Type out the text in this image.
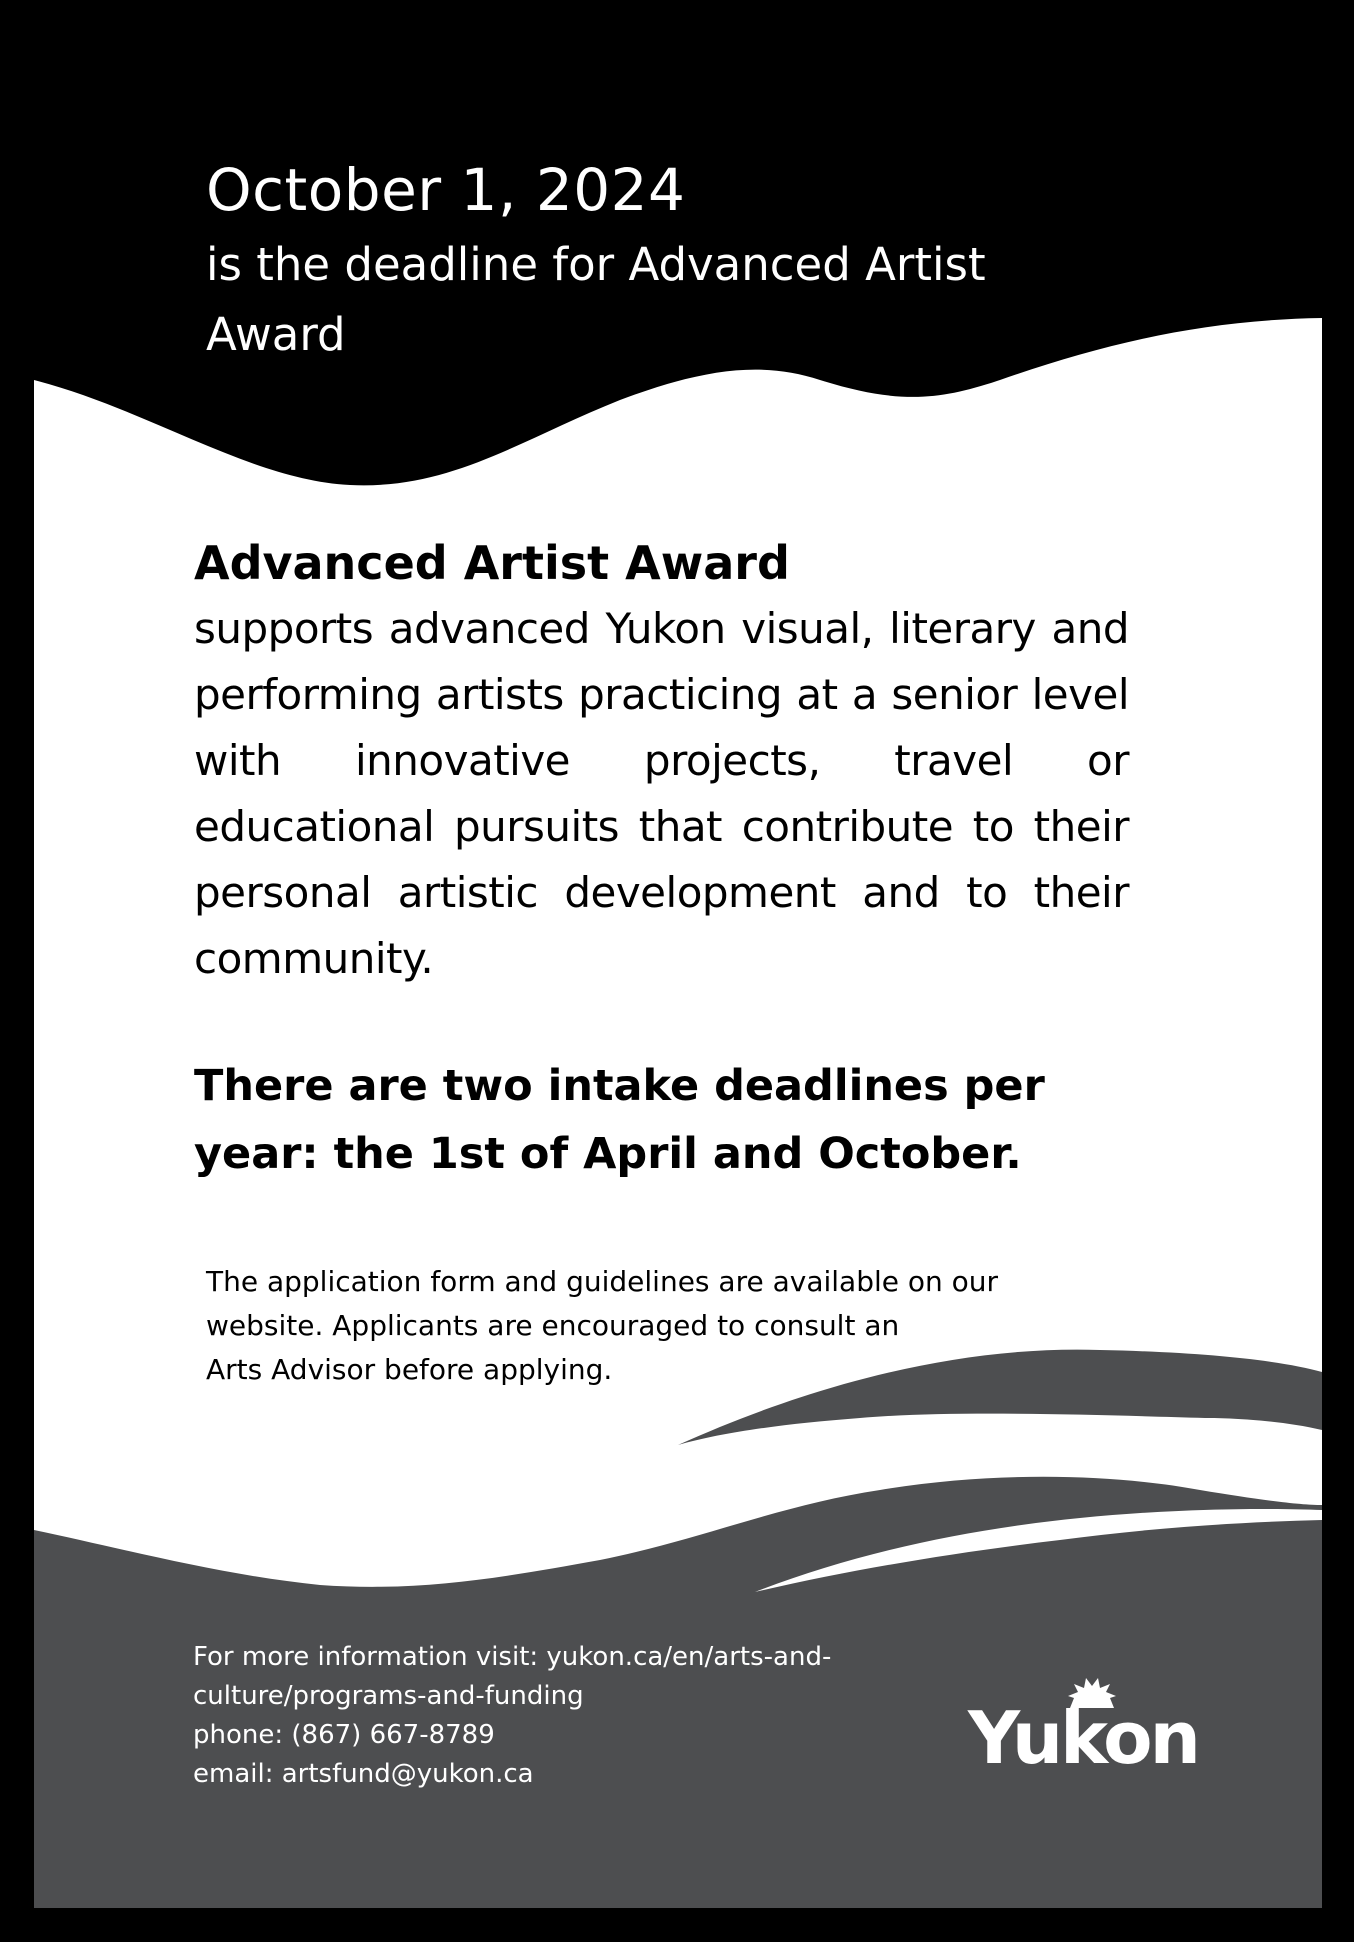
October 1, 2024

is the deadline for Advanced Artist Award

Advanced Artist Award

supports advanced Yukon visual, literary and performing artists practicing at a senior level with innovative projects, travel or educational pursuits that contribute to their personal artistic development and to their community.

There are two intake deadlines per
year: the 1st of April and October.
The application form and guidelines are available on our
website. Applicants are encouraged to consult an
Arts Advisor before applying.
For more information visit: yukon.ca/en/arts-and-
culture/programs-and-funding
phone: (867) 667-8789
email: artsfund@yukon.ca	Yukon
